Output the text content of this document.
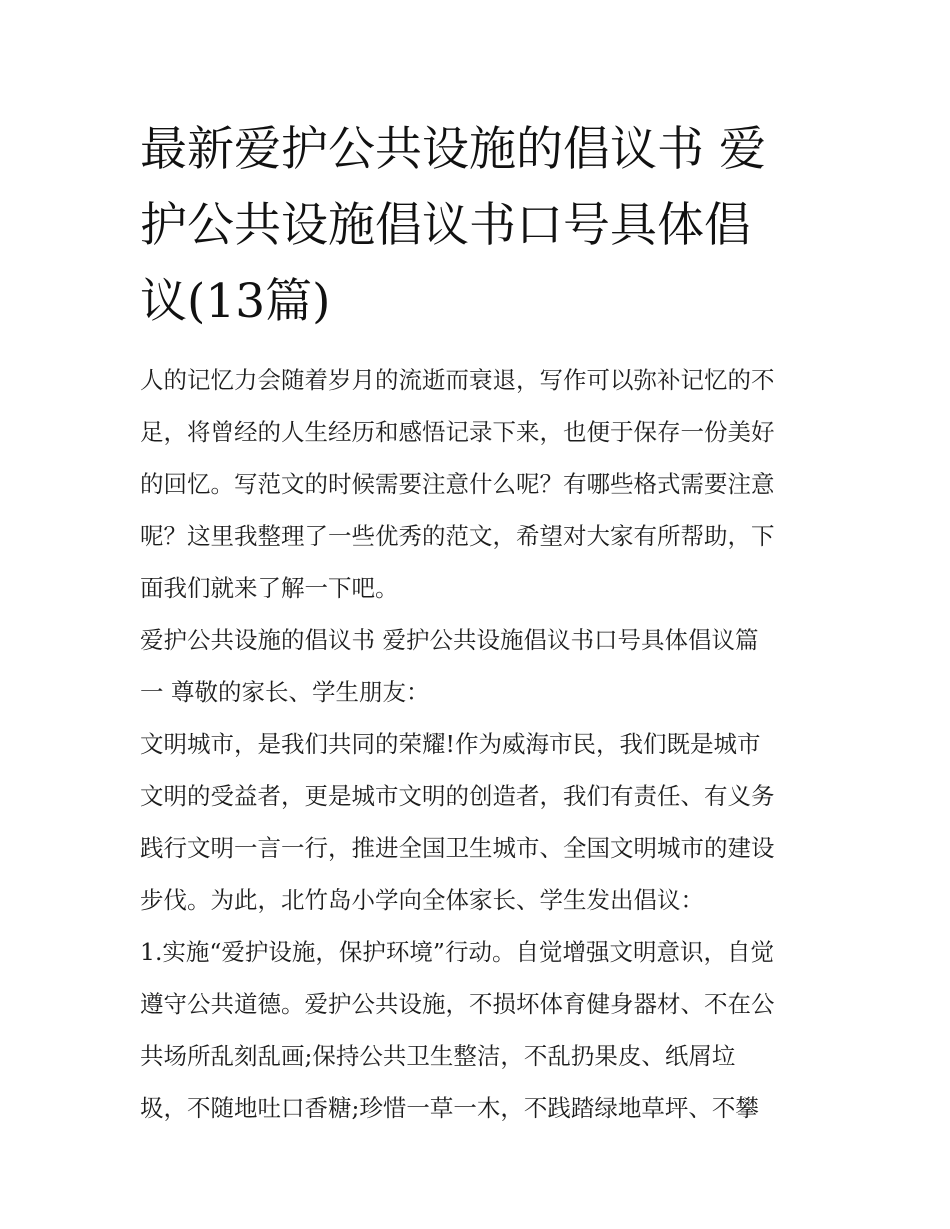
最新爱护公共设施的倡议书 爱
护公共设施倡议书口号具体倡
议(13篇)
人的记忆力会随着岁月的流逝而衰退，写作可以弥补记忆的不
足，将曾经的人生经历和感悟记录下来，也便于保存一份美好
的回忆。写范文的时候需要注意什么呢？有哪些格式需要注意
呢？这里我整理了一些优秀的范文，希望对大家有所帮助，下
面我们就来了解一下吧。
爱护公共设施的倡议书 爱护公共设施倡议书口号具体倡议篇
一 尊敬的家长、学生朋友：
文明城市，是我们共同的荣耀!作为威海市民，我们既是城市
文明的受益者，更是城市文明的创造者，我们有责任、有义务
践行文明一言一行，推进全国卫生城市、全国文明城市的建设
步伐。为此，北竹岛小学向全体家长、学生发出倡议：
1.实施“爱护设施，保护环境”行动。自觉增强文明意识，自觉
遵守公共道德。爱护公共设施，不损坏体育健身器材、不在公
共场所乱刻乱画;保持公共卫生整洁，不乱扔果皮、纸屑垃
圾，不随地吐口香糖;珍惜一草一木，不践踏绿地草坪、不攀
